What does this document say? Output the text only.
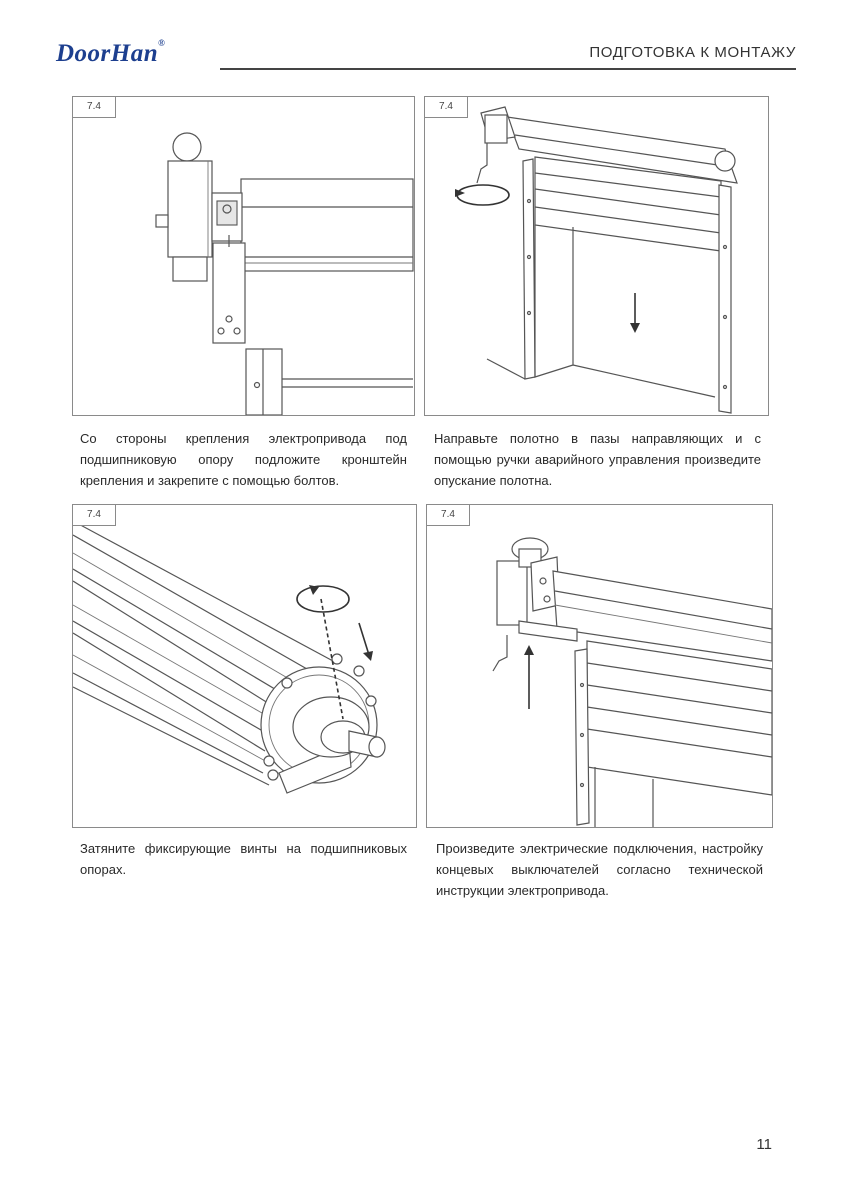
DoorHan®
ПОДГОТОВКА К МОНТАЖУ
7.4	7.4
Со стороны крепления электропривода под подшипниковую опору подложите кронштейн крепления и закрепите с помощью болтов.
Направьте полотно в пазы направляющих и с помощью ручки аварийного управления произведите опускание полотна.
7.4	7.4
Затяните фиксирующие винты на подшипниковых опорах.
Произведите электрические подключения, настройку концевых выключателей согласно технической инструкции электропривода.
11
